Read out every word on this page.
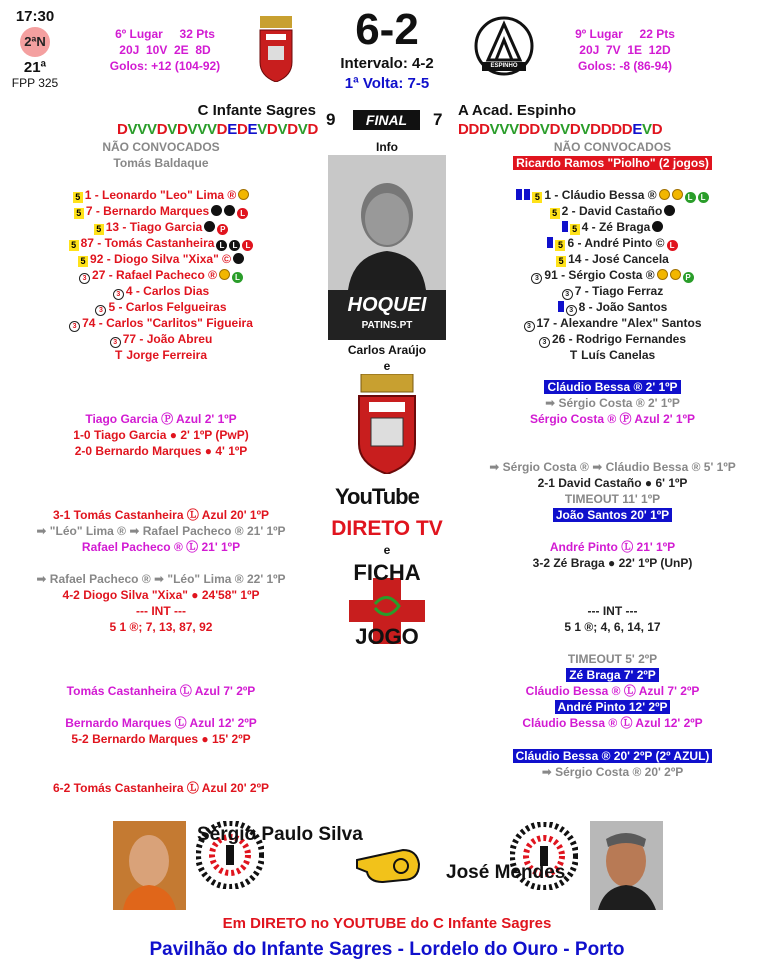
17:30
2ªN
21ª
FPP 325
6º Lugar     32 Pts
20J  10V  2E  8D
Golos: +12 (104-92)
6-2
Intervalo: 4-2
1ª Volta: 7-5
ESPINHO
9º Lugar     22 Pts
20J  7V  1E  12D
Golos: -8 (86-94)
C Infante Sagres 9	FINAL	7 A Acad. Espinho
DVVVDVDVVVDEDEVDVDVD	DDDVVVDDVDVDVDDDDEVD
NÃO CONVOCADOS
Tomás Baldaque
Info	NÃO CONVOCADOS
Ricardo Ramos "Piolho" (2 jogos)
HOQUEI
PATINS.PT
Carlos Araújo
e
YouTube
DIRETO TV
e
FICHA
JOGO
5 1 - Leonardo "Leo" Lima ®
5 7 - Bernardo Marques	L
5 13 - Tiago Garcia P
5 87 - Tomás Castanheira L L L
5 92 - Diogo Silva "Xixa" ©
3 27 - Rafael Pacheco ® L
3 4 - Carlos Dias
3 5 - Carlos Felgueiras
3 74 - Carlos "Carlitos" Figueira
3 77 - João Abreu
T Jorge Ferreira
5 1 - Cláudio Bessa ®	L L
5 2 - David Castaño
5 4 - Zé Braga
5 6 - André Pinto © L
5 14 - José Cancela
3 91 - Sérgio Costa ®	P
3 7 - Tiago Ferraz
3 8 - João Santos
3 17 - Alexandre "Alex" Santos
3 26 - Rodrigo Fernandes
T Luís Canelas
Tiago Garcia Ⓟ Azul 2' 1ºP
1-0 Tiago Garcia ● 2' 1ºP (PwP)
2-0 Bernardo Marques ● 4' 1ºP
3-1 Tomás Castanheira Ⓛ Azul 20' 1ºP
➡ "Léo" Lima ® ➡ Rafael Pacheco ® 21' 1ºP
Rafael Pacheco ® Ⓛ 21' 1ºP
➡ Rafael Pacheco ® ➡ "Léo" Lima ® 22' 1ºP
4-2 Diogo Silva "Xixa" ● 24'58" 1ºP
--- INT ---
5 1 ®; 7, 13, 87, 92
Tomás Castanheira Ⓛ Azul 7' 2ºP
Bernardo Marques Ⓛ Azul 12' 2ºP
5-2 Bernardo Marques ● 15' 2ºP
6-2 Tomás Castanheira Ⓛ Azul 20' 2ºP
Cláudio Bessa ® 2' 1ºP
➡ Sérgio Costa ® 2' 1ºP
Sérgio Costa ® Ⓟ Azul 2' 1ºP
➡ Sérgio Costa ® ➡ Cláudio Bessa ® 5' 1ºP
2-1 David Castaño ● 6' 1ºP
TIMEOUT 11' 1ºP
João Santos 20' 1ºP
André Pinto Ⓛ 21' 1ºP
3-2 Zé Braga ● 22' 1ºP (UnP)
--- INT ---
5 1 ®; 4, 6, 14, 17
TIMEOUT 5' 2ºP
Zé Braga 7' 2ºP
Cláudio Bessa ® Ⓛ Azul 7' 2ºP
André Pinto 12' 2ºP
Cláudio Bessa ® Ⓛ Azul 12' 2ºP
Cláudio Bessa ® 20' 2ºP (2º AZUL)
➡ Sérgio Costa ® 20' 2ºP
Sérgio Paulo Silva
José Mendes
Em DIRETO no YOUTUBE do C Infante Sagres
Pavilhão do Infante Sagres - Lordelo do Ouro - Porto
